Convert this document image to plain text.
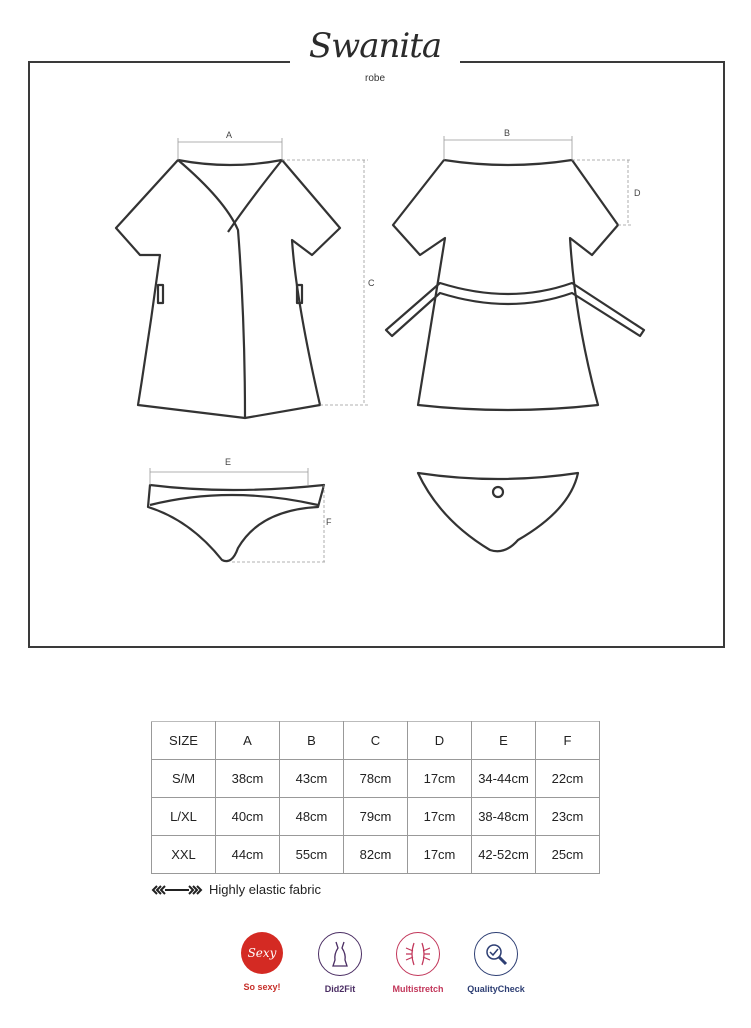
A	B
C
D
E
F
Swanita
robe
SIZE	A	B	C	D	E	F
S/M	38cm	43cm	78cm	17cm	34-44cm	22cm
L/XL	40cm	48cm	79cm	17cm	38-48cm	23cm
XXL	44cm	55cm	82cm	17cm	42-52cm	25cm
Highly elastic fabric
Sexy
So sexy!	Did2Fit	Multistretch	QualityCheck
